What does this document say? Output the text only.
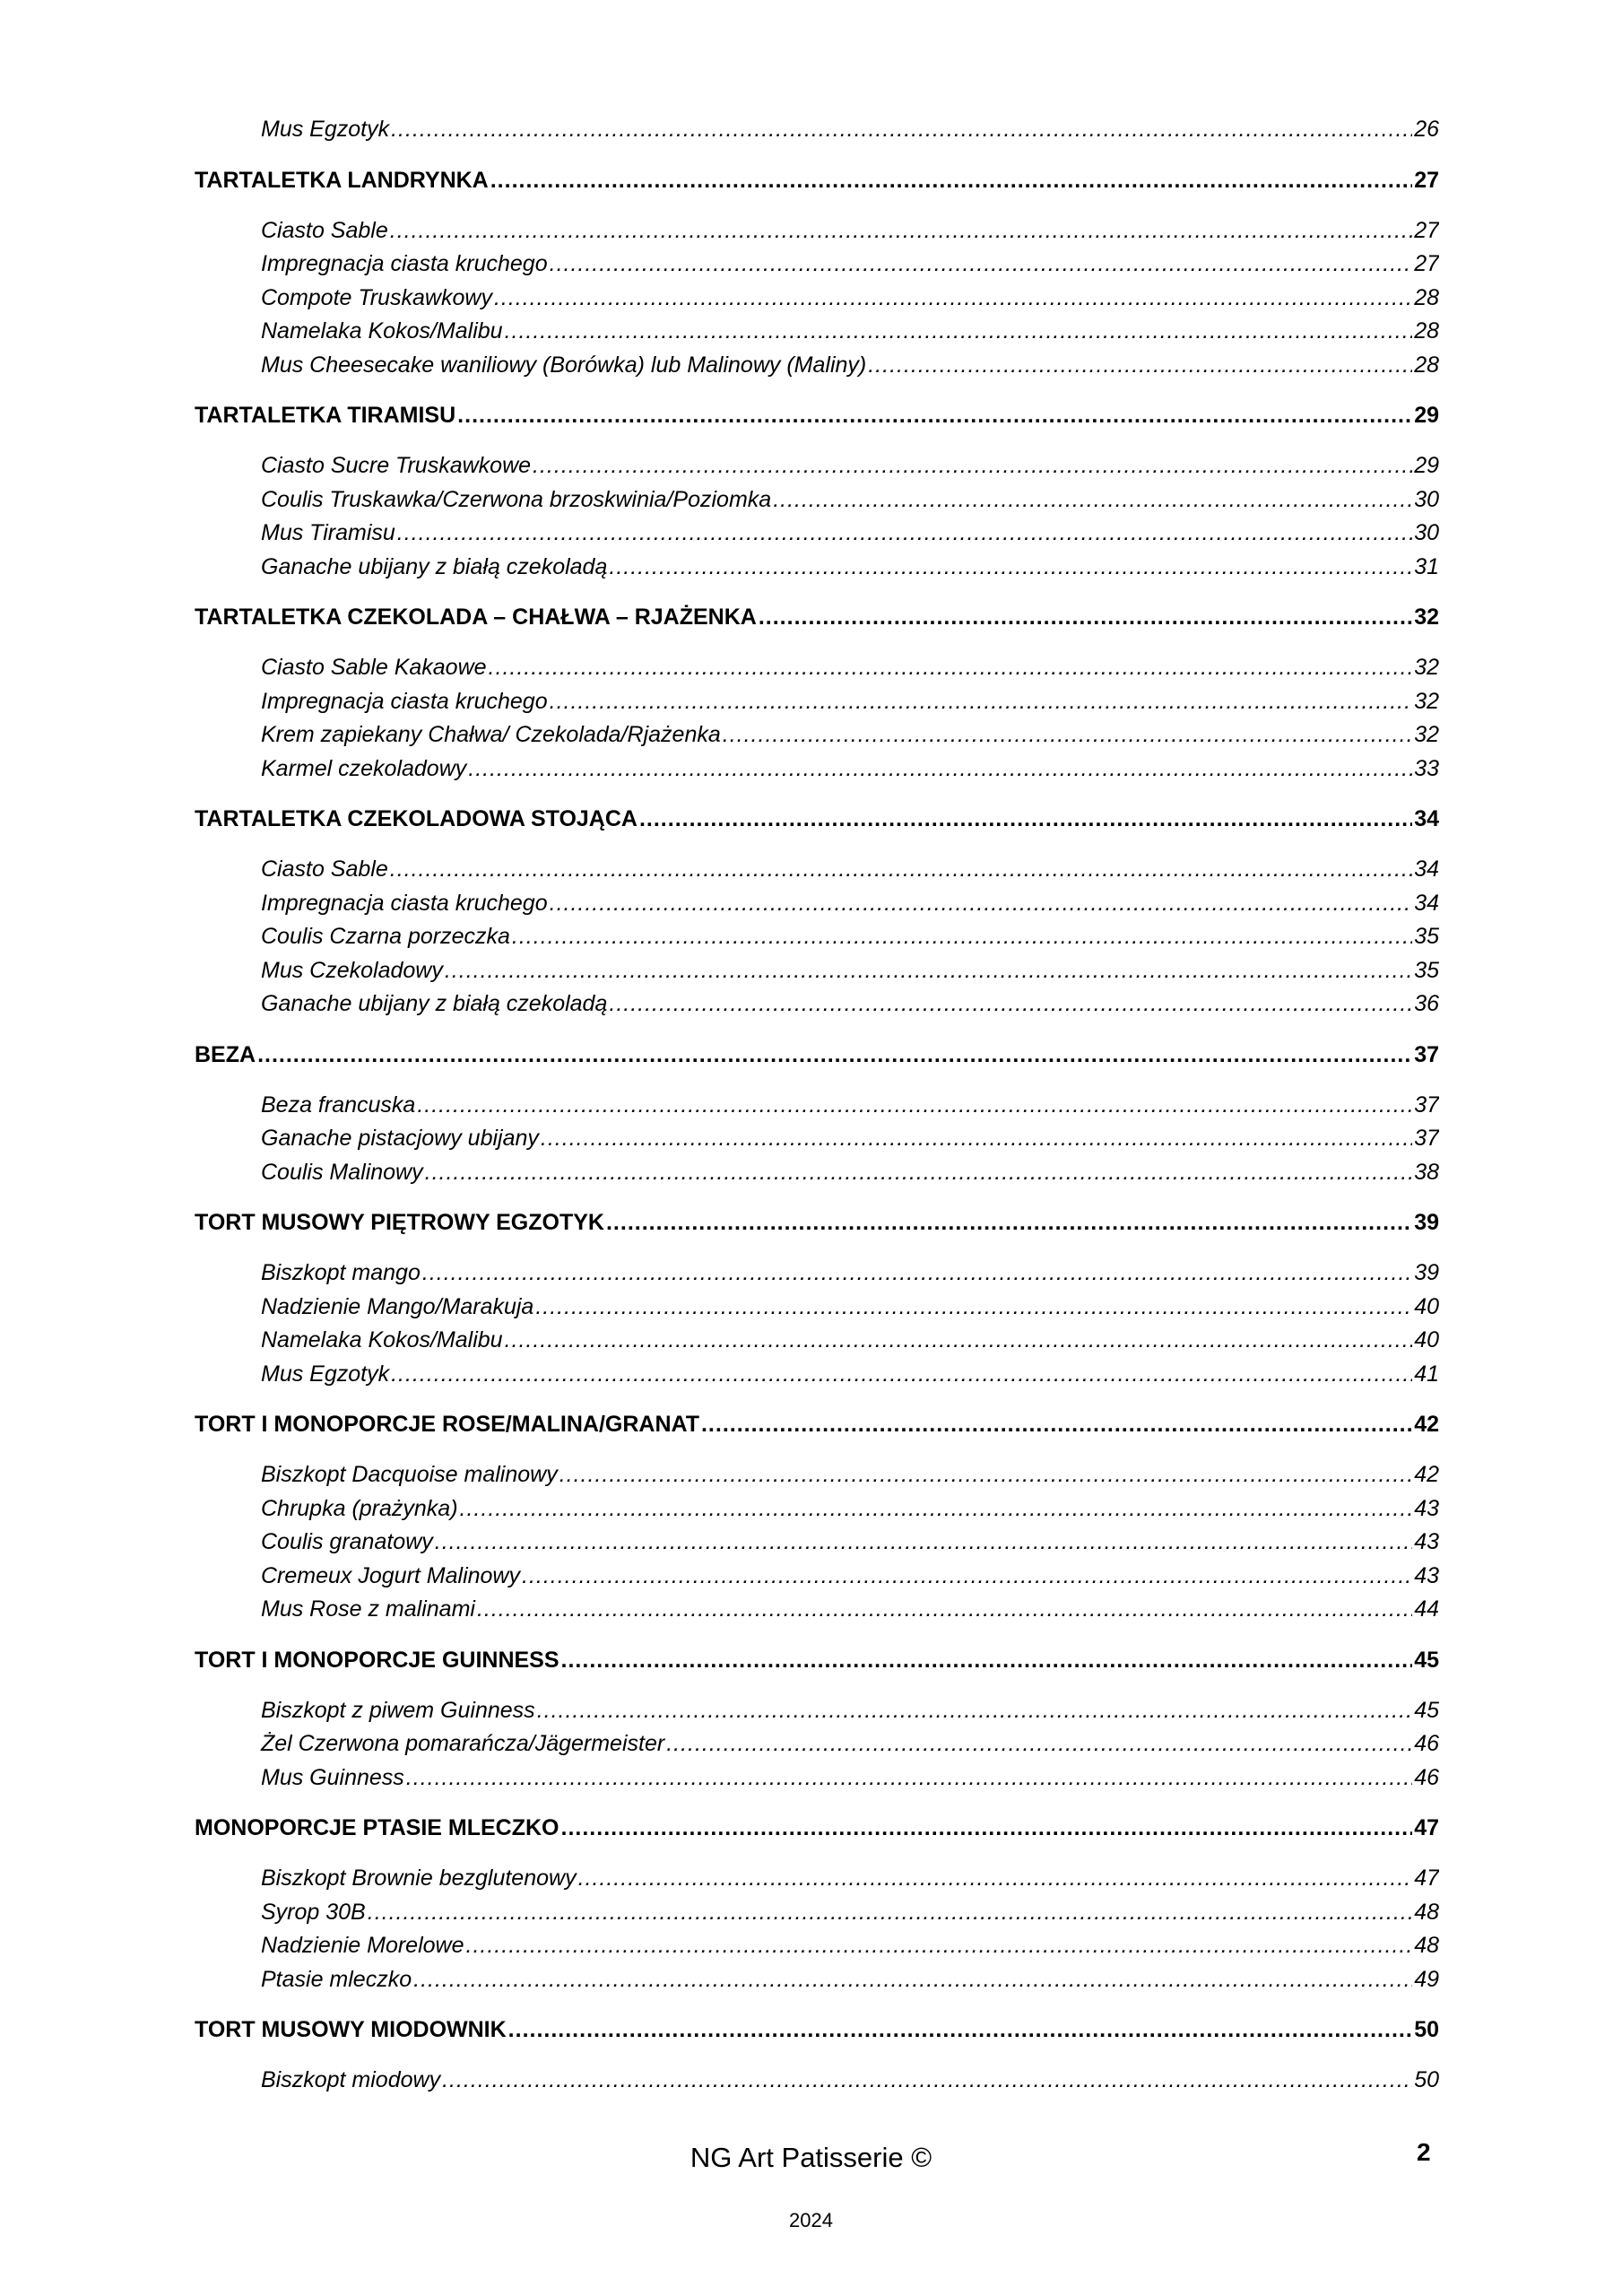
Mus Egzotyk .....	26
TARTALETKA LANDRYNKA .....	27
Ciasto Sable .....	27
Impregnacja ciasta kruchego .....	27
Compote Truskawkowy .....	28
Namelaka Kokos/Malibu .....	28
Mus Cheesecake waniliowy (Borówka) lub Malinowy (Maliny) .....	28
TARTALETKA TIRAMISU .....	29
Ciasto Sucre Truskawkowe .....	29
Coulis Truskawka/Czerwona brzoskwinia/Poziomka .....	30
Mus Tiramisu .....	30
Ganache ubijany z białą czekoladą .....	31
TARTALETKA CZEKOLADA – CHAŁWA – RJAŻENKA .....	32
Ciasto Sable Kakaowe .....	32
Impregnacja ciasta kruchego .....	32
Krem zapiekany Chałwa/ Czekolada/Rjażenka .....	32
Karmel czekoladowy .....	33
TARTALETKA CZEKOLADOWA STOJĄCA .....	34
Ciasto Sable .....	34
Impregnacja ciasta kruchego .....	34
Coulis Czarna porzeczka .....	35
Mus Czekoladowy .....	35
Ganache ubijany z białą czekoladą .....	36
BEZA .....	37
Beza francuska .....	37
Ganache pistacjowy ubijany .....	37
Coulis Malinowy .....	38
TORT MUSOWY PIĘTROWY EGZOTYK .....	39
Biszkopt mango .....	39
Nadzienie Mango/Marakuja .....	40
Namelaka Kokos/Malibu .....	40
Mus Egzotyk .....	41
TORT I MONOPORCJE ROSE/MALINA/GRANAT .....	42
Biszkopt Dacquoise malinowy .....	42
Chrupka (prażynka) .....	43
Coulis granatowy .....	43
Cremeux Jogurt Malinowy .....	43
Mus Rose z malinami .....	44
TORT I MONOPORCJE GUINNESS .....	45
Biszkopt z piwem Guinness .....	45
Żel Czerwona pomarańcza/Jägermeister .....	46
Mus Guinness .....	46
MONOPORCJE PTASIE MLECZKO .....	47
Biszkopt Brownie bezglutenowy .....	47
Syrop 30B .....	48
Nadzienie Morelowe .....	48
Ptasie mleczko .....	49
TORT MUSOWY MIODOWNIK .....	50
Biszkopt miodowy .....	50
NG Art Patisserie ©	2
2024
